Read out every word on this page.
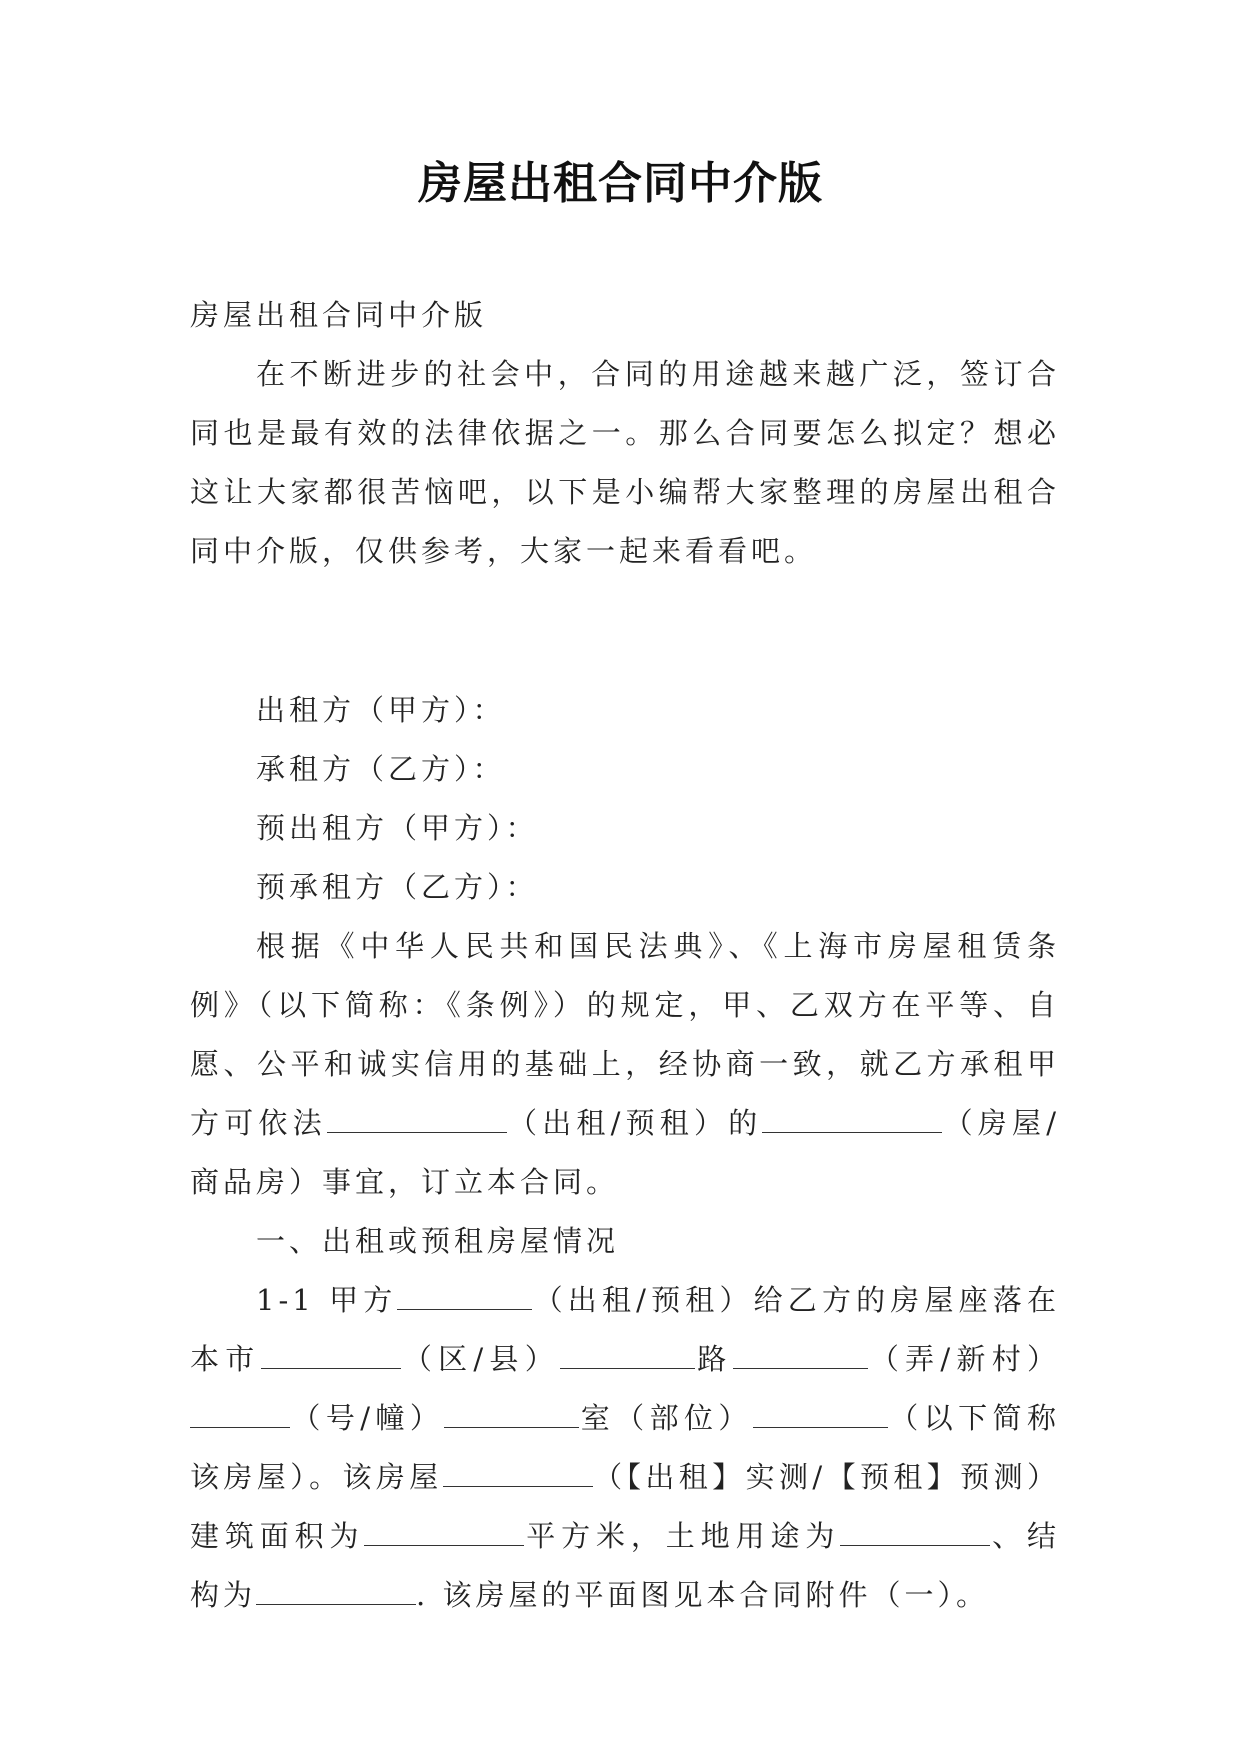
房屋出租合同中介版

房屋出租合同中介版

在不断进步的社会中，合同的用途越来越广泛，签订合同也是最有效的法律依据之一。那么合同要怎么拟定？想必这让大家都很苦恼吧，以下是小编帮大家整理的房屋出租合同中介版，仅供参考，大家一起来看看吧。

出租方（甲方）：

承租方（乙方）：

预出租方（甲方）：

预承租方（乙方）：

根据《中华人民共和国民法典》、《上海市房屋租赁条例》（以下简称：《条例》）的规定，甲、乙双方在平等、自愿、公平和诚实信用的基础上，经协商一致，就乙方承租甲方可依法	（出租/预租）的	（房屋/商品房）事宜，订立本合同。

一、出租或预租房屋情况

1-1 甲方	（出租/预租）给乙方的房屋座落在本市	（区/县）	路	（弄/新村）（号/幢）	室（部位）	（以下简称该房屋）。该房屋	（【出租】实测/【预租】预测）建筑面积为	平方米，土地用途为	、结构为	. 该房屋的平面图见本合同附件（一）。
